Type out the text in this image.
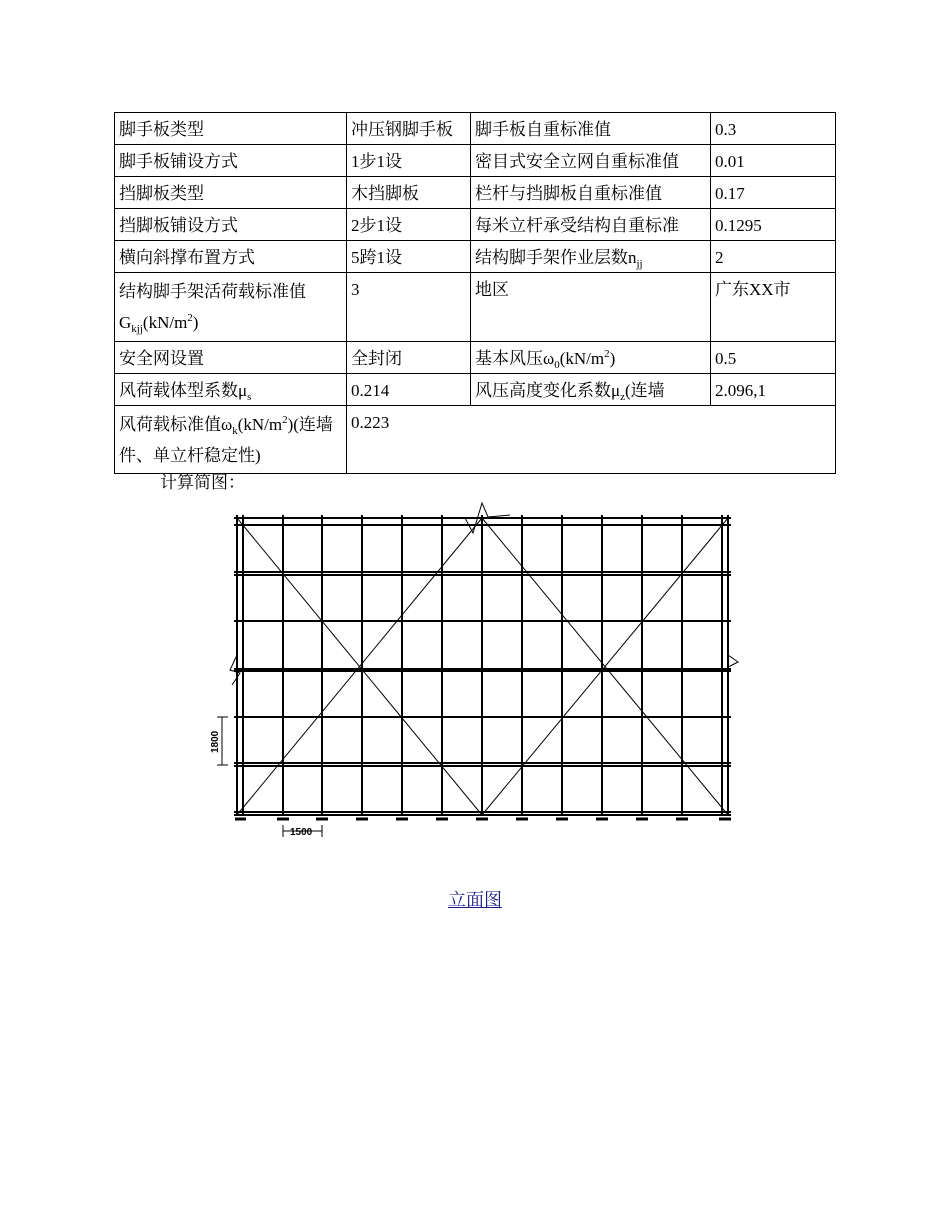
脚手板类型	冲压钢脚手板	脚手板自重标准值	0.3
脚手板铺设方式	1步1设	密目式安全立网自重标准值	0.01
挡脚板类型	木挡脚板	栏杆与挡脚板自重标准值	0.17
挡脚板铺设方式	2步1设	每米立杆承受结构自重标准	0.1295
横向斜撑布置方式	5跨1设	结构脚手架作业层数$n_{jj}$	2
结构脚手架活荷载标准值$G_{kjj}(kN/m^2)$	3	地区	广东XX市
安全网设置	全封闭	基本风压$\omega_0(kN/m^2)$	0.5
风荷载体型系数$\mu_s$	0.214	风压高度变化系数$\mu_z$(连墙	2.096,1
风荷载标准值$\omega_k(kN/m^2)$(连墙件、单立杆稳定性)	0.223		
计算简图：
1800
1500
立面图
